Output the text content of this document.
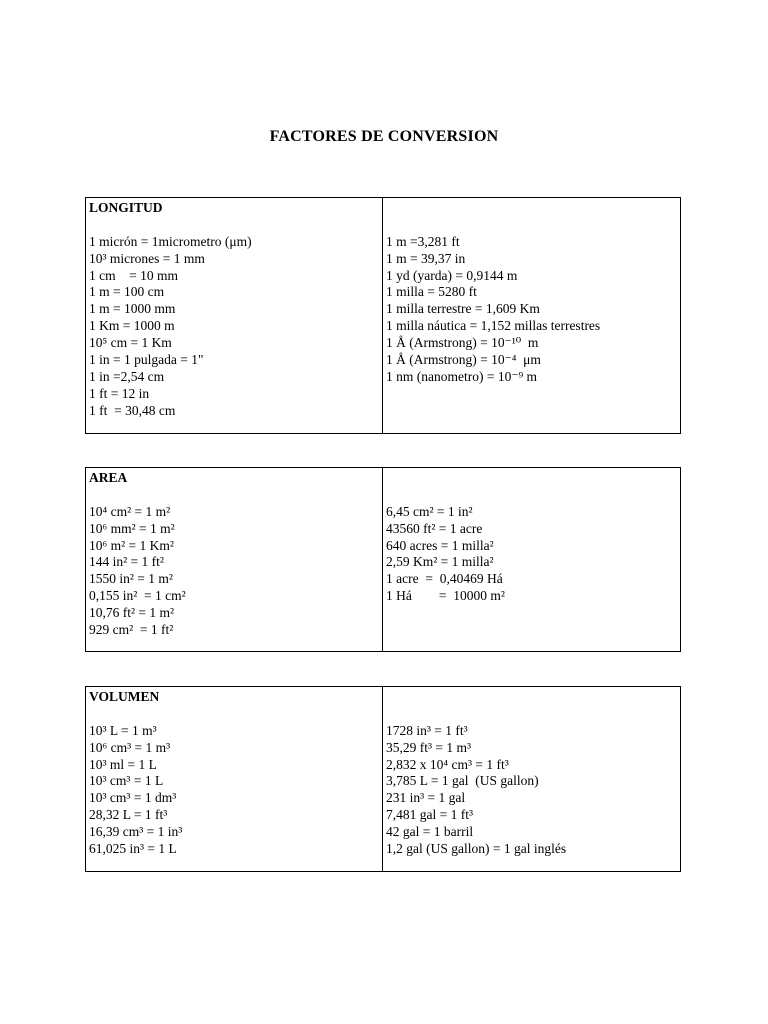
FACTORES DE CONVERSION
LONGITUD
1 micrón = 1micrometro (μm)
10³ micrones = 1 mm
1 cm    = 10 mm
1 m = 100 cm
1 m = 1000 mm
1 Km = 1000 m
10⁵ cm = 1 Km
1 in = 1 pulgada = 1"
1 in =2,54 cm
1 ft = 12 in
1 ft  = 30,48 cm
1 m =3,281 ft
1 m = 39,37 in
1 yd (yarda) = 0,9144 m
1 milla = 5280 ft
1 milla terrestre = 1,609 Km
1 milla náutica = 1,152 millas terrestres
1 Å (Armstrong) = 10⁻¹⁰  m
1 Å (Armstrong) = 10⁻⁴  μm
1 nm (nanometro) = 10⁻⁹ m
AREA
10⁴ cm² = 1 m²
10⁶ mm² = 1 m²
10⁶ m² = 1 Km²
144 in² = 1 ft²
1550 in² = 1 m²
0,155 in²  = 1 cm²
10,76 ft² = 1 m²
929 cm²  = 1 ft²
6,45 cm² = 1 in²
43560 ft² = 1 acre
640 acres = 1 milla²
2,59 Km² = 1 milla²
1 acre  =  0,40469 Há
1 Há        =  10000 m²
VOLUMEN
10³ L = 1 m³
10⁶ cm³ = 1 m³
10³ ml = 1 L
10³ cm³ = 1 L
10³ cm³ = 1 dm³
28,32 L = 1 ft³
16,39 cm³ = 1 in³
61,025 in³ = 1 L
1728 in³ = 1 ft³
35,29 ft³ = 1 m³
2,832 x 10⁴ cm³ = 1 ft³
3,785 L = 1 gal  (US gallon)
231 in³ = 1 gal
7,481 gal = 1 ft³
42 gal = 1 barril
1,2 gal (US gallon) = 1 gal inglés
